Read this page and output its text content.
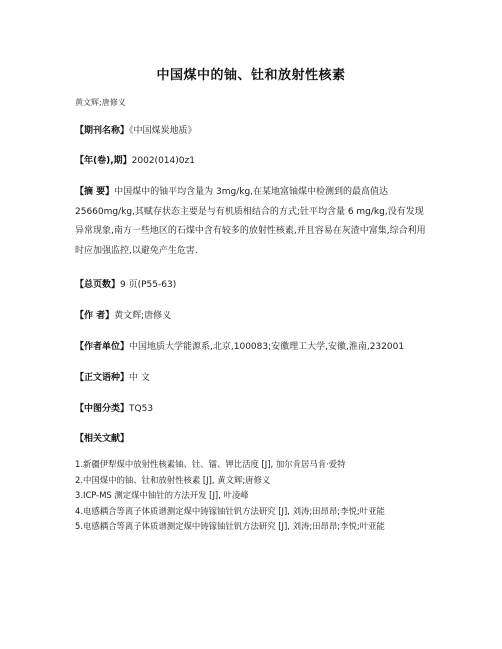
中国煤中的铀、钍和放射性核素
黄文辉;唐修义
【期刊名称】《中国煤炭地质》
【年(卷),期】2002(014)0z1
【摘 要】中国煤中的铀平均含量为 3mg/kg,在某地富铀煤中检测到的最高值达25660mg/kg,其赋存状态主要是与有机质相结合的方式;钍平均含量 6 mg/kg,没有发现异常现象,南方一些地区的石煤中含有较多的放射性核素,并且容易在灰渣中富集,综合利用时应加强监控,以避免产生危害.
【总页数】9 页(P55-63)
【作 者】黄文辉;唐修义
【作者单位】中国地质大学能源系,北京,100083;安徽理工大学,安徽,淮南,232001
【正文语种】中 文
【中图分类】TQ53
【相关文献】
1.新疆伊犁煤中放射性核素铀、钍、镭、钾比活度 [J], 加尔肯居马肯·爱特
2.中国煤中的铀、钍和放射性核素 [J], 黄文辉;唐修义
3.ICP-MS 测定煤中铀钍的方法开发 [J], 叶凌峰
4.电感耦合等离子体质谱测定煤中铸镓铀钍钒方法研究 [J], 刘涛;田昂昂;李悦;叶亚能
5.电感耦合等离子体质谱测定煤中铸镓铀钍钒方法研究 [J], 刘涛;田昂昂;李悦;叶亚能
